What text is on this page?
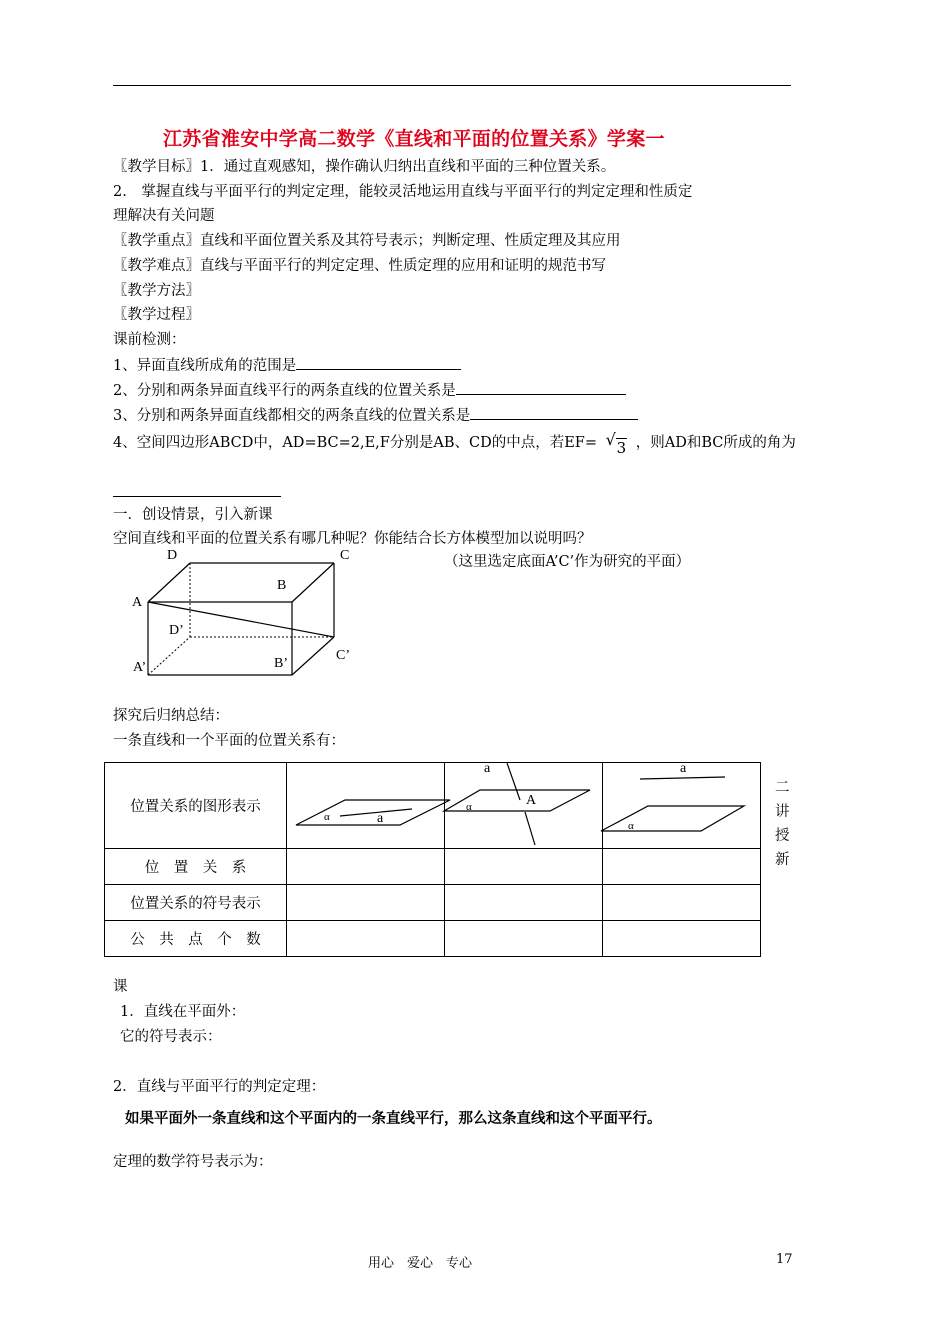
江苏省淮安中学高二数学《直线和平面的位置关系》学案一
〖教学目标〗1．通过直观感知，操作确认归纳出直线和平面的三种位置关系。
2.　掌握直线与平面平行的判定定理，能较灵活地运用直线与平面平行的判定定理和性质定
理解决有关问题
〖教学重点〗直线和平面位置关系及其符号表示；判断定理、性质定理及其应用
〖教学难点〗直线与平面平行的判定定理、性质定理的应用和证明的规范书写
〖教学方法〗
〖教学过程〗
课前检测：
1、异面直线所成角的范围是
2、分别和两条异面直线平行的两条直线的位置关系是
3、分别和两条异面直线都相交的两条直线的位置关系是
4、空间四边形ABCD中，AD=BC=2,E,F分别是AB、CD的中点，若EF= √ 3 ，则AD和BC所成的角为
一．创设情景，引入新课
空间直线和平面的位置关系有哪几种呢？你能结合长方体模型加以说明吗？
（这里选定底面A’C’作为研究的平面）
D	C
B
A
D’
C’
A’	B’
探究后归纳总结：
一条直线和一个平面的位置关系有：
位置关系的图形表示			
位　置　关　系			
位置关系的符号表示			
公　共　点　个　数			
α	a
α
a
A
α
a
二
讲
授
新
课
1．直线在平面外：
它的符号表示：
2．直线与平面平行的判定定理：
如果平面外一条直线和这个平面内的一条直线平行，那么这条直线和这个平面平行。
定理的数学符号表示为：
用心　爱心　专心	17
